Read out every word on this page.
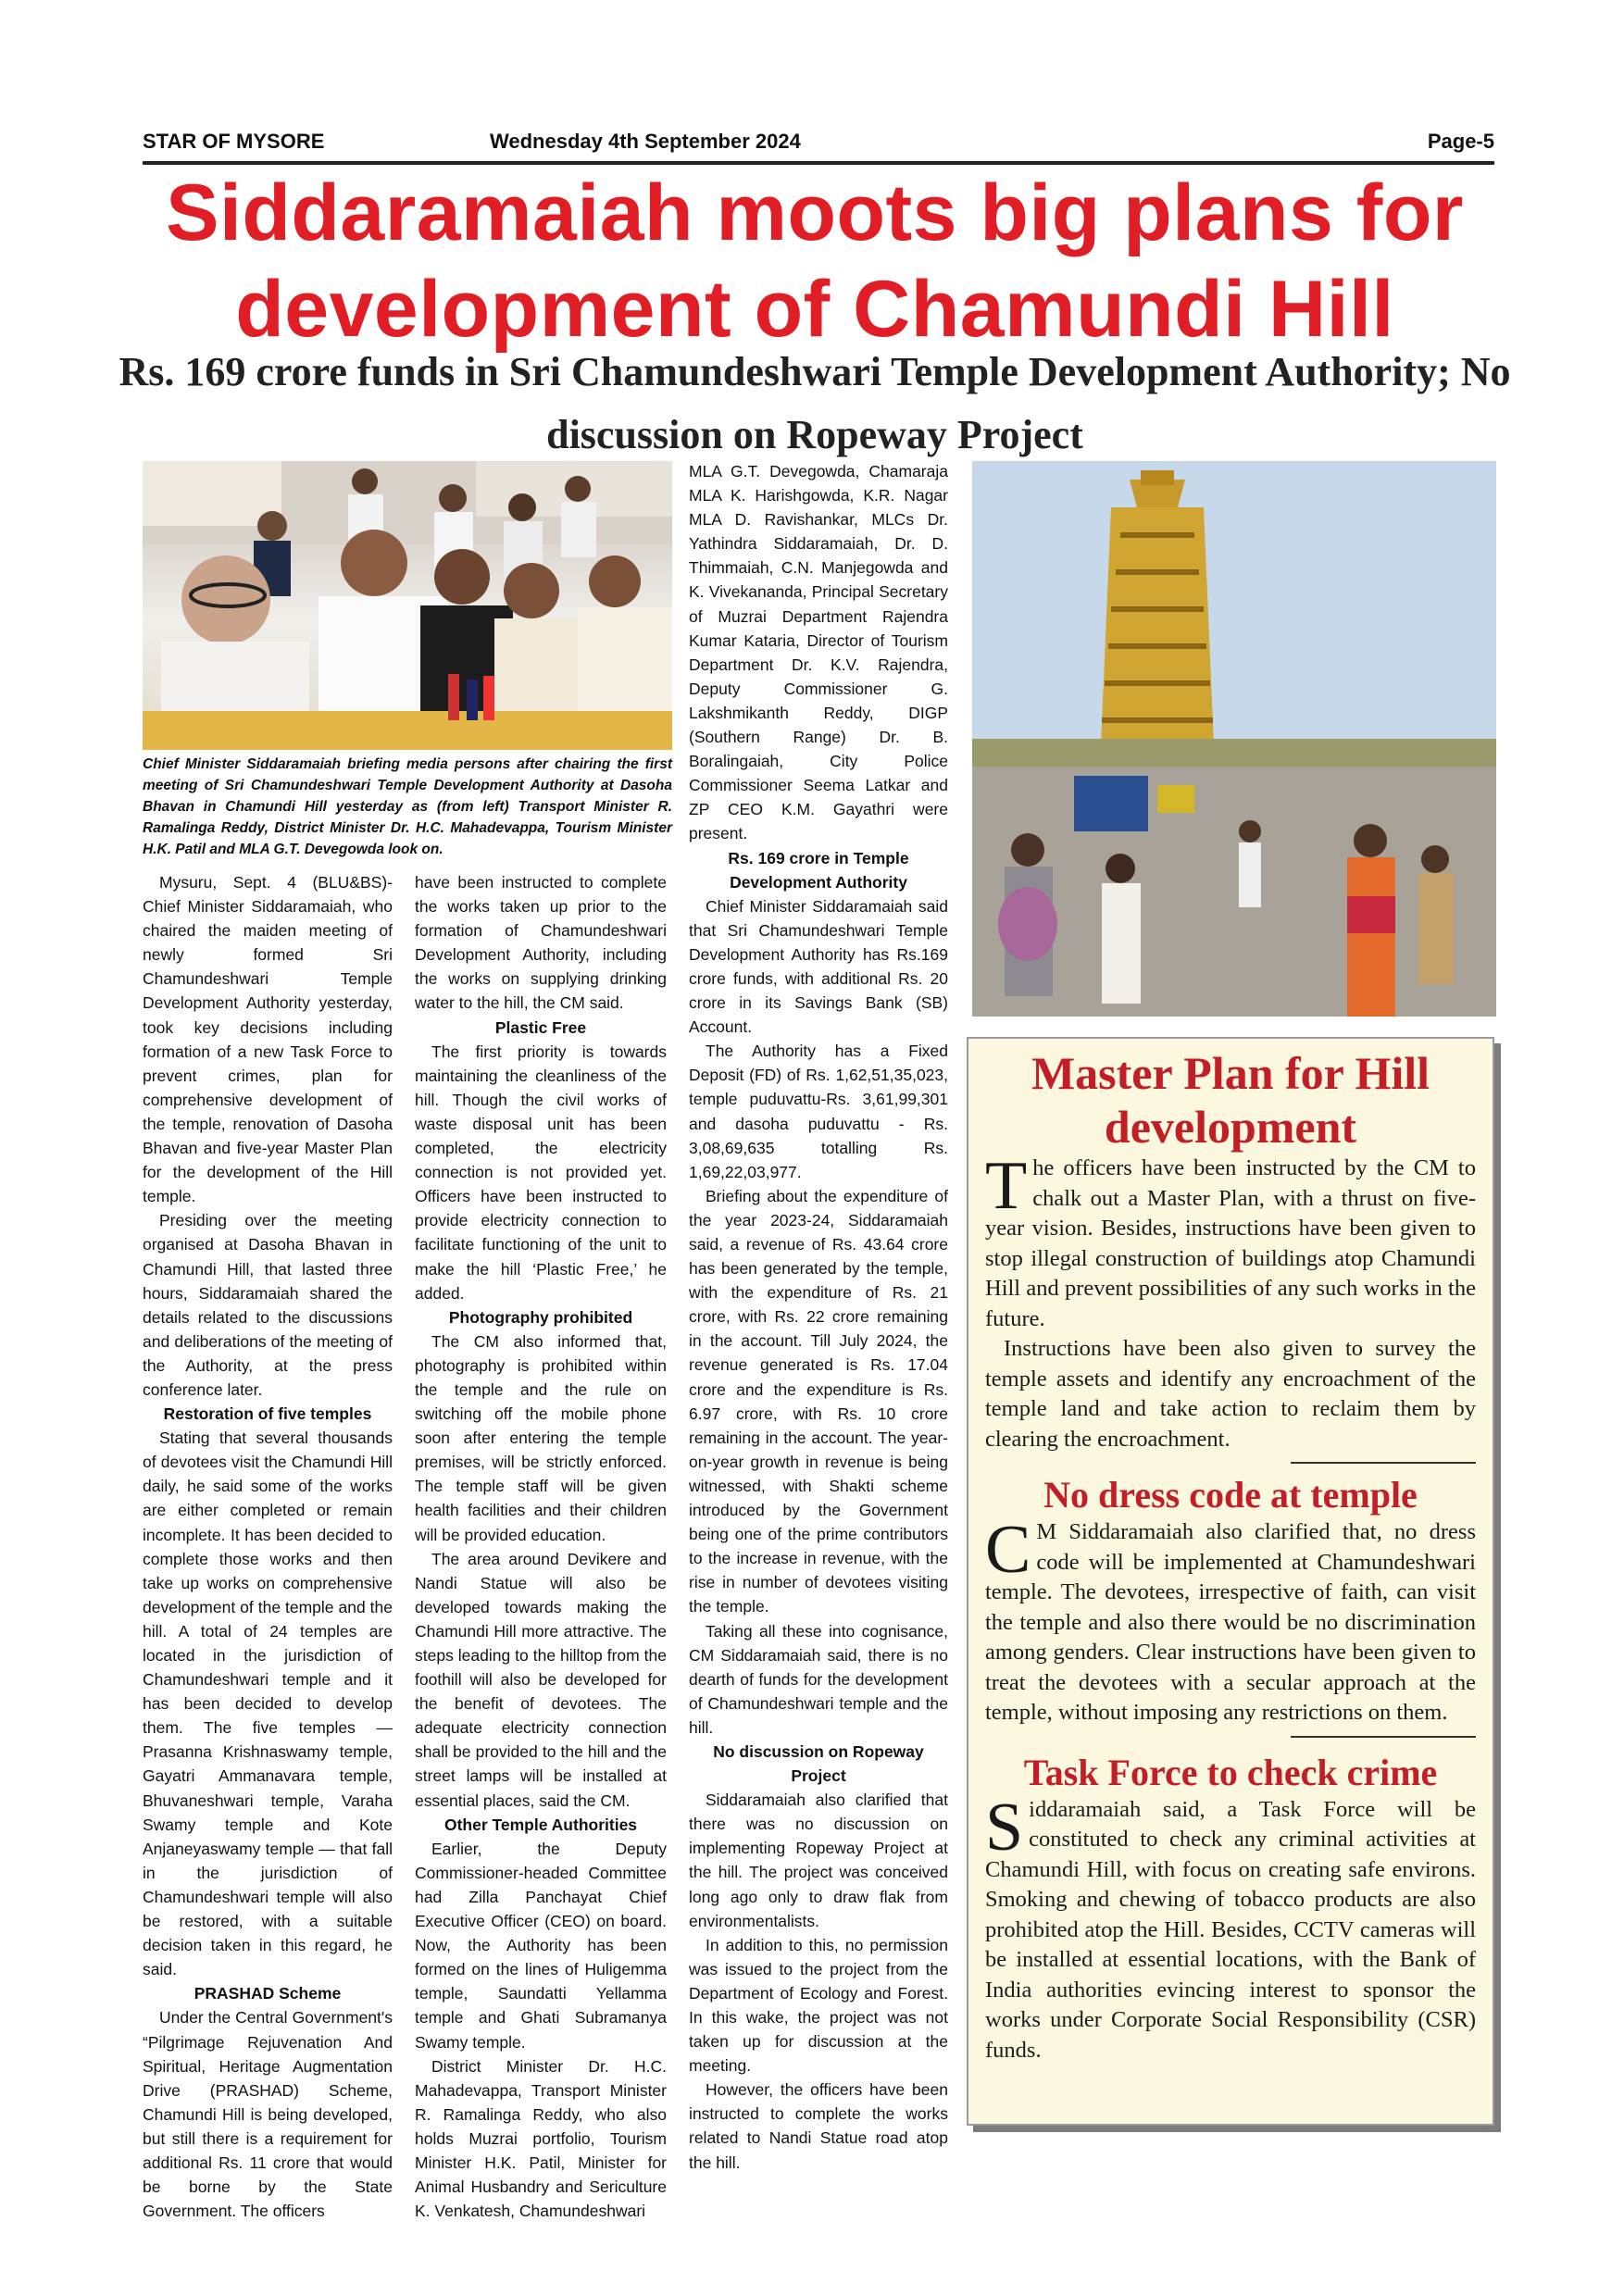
STAR OF MYSORE	Wednesday 4th September 2024	Page-5
Siddaramaiah moots big plans for development of Chamundi Hill
Rs. 169 crore funds in Sri Chamundeshwari Temple Development Authority; No discussion on Ropeway Project

Chief Minister Siddaramaiah briefing media persons after chairing the first meeting of Sri Chamundeshwari Temple Development Authority at Dasoha Bhavan in Chamundi Hill yesterday as (from left) Transport Minister R. Ramalinga Reddy, District Minister Dr. H.C. Mahadevappa, Tourism Minister H.K. Patil and MLA G.T. Devegowda look on.

Mysuru, Sept. 4 (BLU&BS)- Chief Minister Siddaramaiah, who chaired the maiden meeting of newly formed Sri Chamundeshwari Temple Development Authority yesterday, took key decisions including formation of a new Task Force to prevent crimes, plan for comprehensive development of the temple, renovation of Dasoha Bhavan and five-year Master Plan for the development of the Hill temple.

Presiding over the meeting organised at Dasoha Bhavan in Chamundi Hill, that lasted three hours, Siddaramaiah shared the details related to the discussions and deliberations of the meeting of the Authority, at the press conference later.

Restoration of five temples

Stating that several thousands of devotees visit the Chamundi Hill daily, he said some of the works are either completed or remain incomplete. It has been decided to complete those works and then take up works on comprehensive development of the temple and the hill. A total of 24 temples are located in the jurisdiction of Chamundeshwari temple and it has been decided to develop them. The five temples — Prasanna Krishnaswamy temple, Gayatri Ammanavara temple, Bhuvaneshwari temple, Varaha Swamy temple and Kote Anjaneyaswamy temple — that fall in the jurisdiction of Chamundeshwari temple will also be restored, with a suitable decision taken in this regard, he said.

PRASHAD Scheme

Under the Central Government's “Pilgrimage Rejuvenation And Spiritual, Heritage Augmentation Drive (PRASHAD) Scheme, Chamundi Hill is being developed, but still there is a requirement for additional Rs. 11 crore that would be borne by the State Government. The officers

have been instructed to complete the works taken up prior to the formation of Chamundeshwari Development Authority, including the works on supplying drinking water to the hill, the CM said.

Plastic Free

The first priority is towards maintaining the cleanliness of the hill. Though the civil works of waste disposal unit has been completed, the electricity connection is not provided yet. Officers have been instructed to provide electricity connection to facilitate functioning of the unit to make the hill ‘Plastic Free,’ he added.

Photography prohibited

The CM also informed that, photography is prohibited within the temple and the rule on switching off the mobile phone soon after entering the temple premises, will be strictly enforced. The temple staff will be given health facilities and their children will be provided education.

The area around Devikere and Nandi Statue will also be developed towards making the Chamundi Hill more attractive. The steps leading to the hilltop from the foothill will also be developed for the benefit of devotees. The adequate electricity connection shall be provided to the hill and the street lamps will be installed at essential places, said the CM.

Other Temple Authorities

Earlier, the Deputy Commissioner-headed Committee had Zilla Panchayat Chief Executive Officer (CEO) on board. Now, the Authority has been formed on the lines of Huligemma temple, Saundatti Yellamma temple and Ghati Subramanya Swamy temple.

District Minister Dr. H.C. Mahadevappa, Transport Minister R. Ramalinga Reddy, who also holds Muzrai portfolio, Tourism Minister H.K. Patil, Minister for Animal Husbandry and Sericulture K. Venkatesh, Chamundeshwari

MLA G.T. Devegowda, Chamaraja MLA K. Harishgowda, K.R. Nagar MLA D. Ravishankar, MLCs Dr. Yathindra Siddaramaiah, Dr. D. Thimmaiah, C.N. Manjegowda and K. Vivekananda, Principal Secretary of Muzrai Department Rajendra Kumar Kataria, Director of Tourism Department Dr. K.V. Rajendra, Deputy Commissioner G. Lakshmikanth Reddy, DIGP (Southern Range) Dr. B. Boralingaiah, City Police Commissioner Seema Latkar and ZP CEO K.M. Gayathri were present.

Rs. 169 crore in Temple Development Authority

Chief Minister Siddaramaiah said that Sri Chamundeshwari Temple Development Authority has Rs.169 crore funds, with additional Rs. 20 crore in its Savings Bank (SB) Account.

The Authority has a Fixed Deposit (FD) of Rs. 1,62,51,35,023, temple puduvattu-Rs. 3,61,99,301 and dasoha puduvattu - Rs. 3,08,69,635 totalling Rs. 1,69,22,03,977.

Briefing about the expenditure of the year 2023-24, Siddaramaiah said, a revenue of Rs. 43.64 crore has been generated by the temple, with the expenditure of Rs. 21 crore, with Rs. 22 crore remaining in the account. Till July 2024, the revenue generated is Rs. 17.04 crore and the expenditure is Rs. 6.97 crore, with Rs. 10 crore remaining in the account. The year-on-year growth in revenue is being witnessed, with Shakti scheme introduced by the Government being one of the prime contributors to the increase in revenue, with the rise in number of devotees visiting the temple.

Taking all these into cognisance, CM Siddaramaiah said, there is no dearth of funds for the development of Chamundeshwari temple and the hill.

No discussion on Ropeway Project

Siddaramaiah also clarified that there was no discussion on implementing Ropeway Project at the hill. The project was conceived long ago only to draw flak from environmentalists.

In addition to this, no permission was issued to the project from the Department of Ecology and Forest. In this wake, the project was not taken up for discussion at the meeting.

However, the officers have been instructed to complete the works related to Nandi Statue road atop the hill.

Master Plan for Hill development

The officers have been instructed by the CM to chalk out a Master Plan, with a thrust on five-year vision. Besides, instructions have been given to stop illegal construction of buildings atop Chamundi Hill and prevent possibilities of any such works in the future.

Instructions have been also given to survey the temple assets and identify any encroachment of the temple land and take action to reclaim them by clearing the encroachment.

No dress code at temple

C M Siddaramaiah also clarified that, no dress code will be implemented at Chamundeshwari temple. The devotees, irrespective of faith, can visit the temple and also there would be no discrimination among genders. Clear instructions have been given to treat the devotees with a secular approach at the temple, without imposing any restrictions on them.

Task Force to check crime

Siddaramaiah said, a Task Force will be constituted to check any criminal activities at Chamundi Hill, with focus on creating safe environs. Smoking and chewing of tobacco products are also prohibited atop the Hill. Besides, CCTV cameras will be installed at essential locations, with the Bank of India authorities evincing interest to sponsor the works under Corporate Social Responsibility (CSR) funds.
